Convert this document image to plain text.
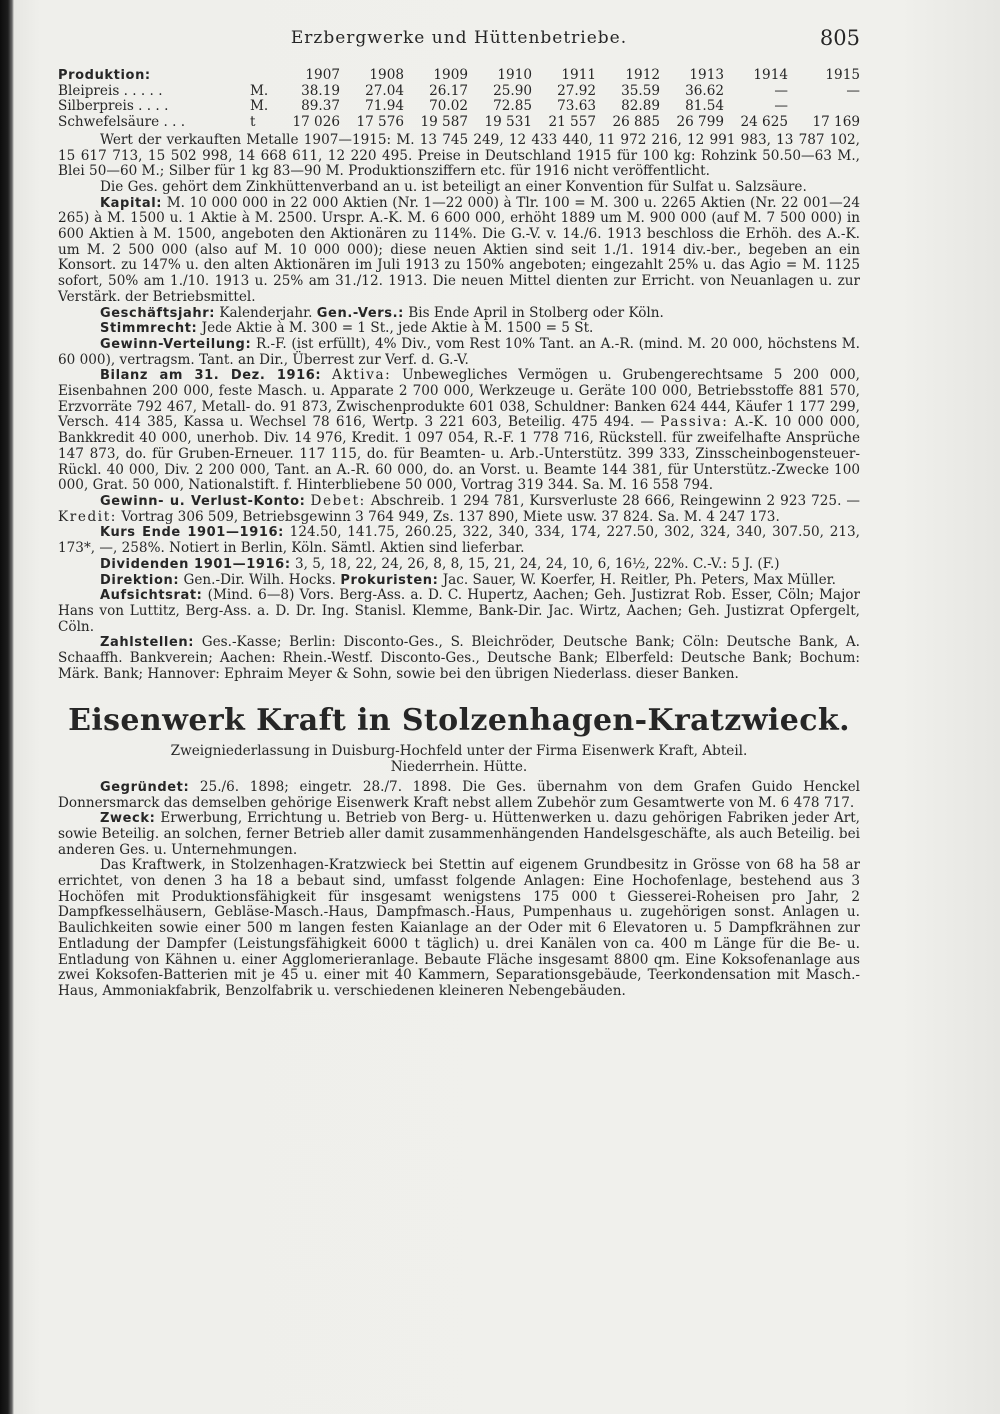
Erzbergwerke und Hüttenbetriebe.	805
Produktion:		1907	1908	1909	1910	1911	1912	1913	1914	1915
Bleipreis . . . . .	M.	38.19	27.04	26.17	25.90	27.92	35.59	36.62	—	—
Silberpreis . . . .	M.	89.37	71.94	70.02	72.85	73.63	82.89	81.54	—	
Schwefelsäure . . .	t	17 026	17 576	19 587	19 531	21 557	26 885	26 799	24 625	17 169

Wert der verkauften Metalle 1907—1915: M. 13 745 249, 12 433 440, 11 972 216, 12 991 983, 13 787 102, 15 617 713, 15 502 998, 14 668 611, 12 220 495. Preise in Deutschland 1915 für 100 kg: Rohzink 50.50—63 M., Blei 50—60 M.; Silber für 1 kg 83—90 M. Produktionsziffern etc. für 1916 nicht veröffentlicht.

Die Ges. gehört dem Zinkhüttenverband an u. ist beteiligt an einer Konvention für Sulfat u. Salzsäure.

Kapital: M. 10 000 000 in 22 000 Aktien (Nr. 1—22 000) à Tlr. 100 = M. 300 u. 2265 Aktien (Nr. 22 001—24 265) à M. 1500 u. 1 Aktie à M. 2500. Urspr. A.-K. M. 6 600 000, erhöht 1889 um M. 900 000 (auf M. 7 500 000) in 600 Aktien à M. 1500, angeboten den Aktionären zu 114%. Die G.-V. v. 14./6. 1913 beschloss die Erhöh. des A.-K. um M. 2 500 000 (also auf M. 10 000 000); diese neuen Aktien sind seit 1./1. 1914 div.-ber., begeben an ein Konsort. zu 147% u. den alten Aktionären im Juli 1913 zu 150% angeboten; eingezahlt 25% u. das Agio = M. 1125 sofort, 50% am 1./10. 1913 u. 25% am 31./12. 1913. Die neuen Mittel dienten zur Erricht. von Neuanlagen u. zur Verstärk. der Betriebsmittel.

Geschäftsjahr: Kalenderjahr. Gen.-Vers.: Bis Ende April in Stolberg oder Köln.

Stimmrecht: Jede Aktie à M. 300 = 1 St., jede Aktie à M. 1500 = 5 St.

Gewinn-Verteilung: R.-F. (ist erfüllt), 4% Div., vom Rest 10% Tant. an A.-R. (mind. M. 20 000, höchstens M. 60 000), vertragsm. Tant. an Dir., Überrest zur Verf. d. G.-V.

Bilanz am 31. Dez. 1916: Aktiva: Unbewegliches Vermögen u. Grubengerechtsame 5 200 000, Eisenbahnen 200 000, feste Masch. u. Apparate 2 700 000, Werkzeuge u. Geräte 100 000, Betriebsstoffe 881 570, Erzvorräte 792 467, Metall- do. 91 873, Zwischenprodukte 601 038, Schuldner: Banken 624 444, Käufer 1 177 299, Versch. 414 385, Kassa u. Wechsel 78 616, Wertp. 3 221 603, Beteilig. 475 494. — Passiva: A.-K. 10 000 000, Bankkredit 40 000, unerhob. Div. 14 976, Kredit. 1 097 054, R.-F. 1 778 716, Rückstell. für zweifelhafte Ansprüche 147 873, do. für Gruben-Erneuer. 117 115, do. für Beamten- u. Arb.-Unterstütz. 399 333, Zinsscheinbogensteuer-Rückl. 40 000, Div. 2 200 000, Tant. an A.-R. 60 000, do. an Vorst. u. Beamte 144 381, für Unterstütz.-Zwecke 100 000, Grat. 50 000, Nationalstift. f. Hinterbliebene 50 000, Vortrag 319 344. Sa. M. 16 558 794.

Gewinn- u. Verlust-Konto: Debet: Abschreib. 1 294 781, Kursverluste 28 666, Reingewinn 2 923 725. — Kredit: Vortrag 306 509, Betriebsgewinn 3 764 949, Zs. 137 890, Miete usw. 37 824. Sa. M. 4 247 173.

Kurs Ende 1901—1916: 124.50, 141.75, 260.25, 322, 340, 334, 174, 227.50, 302, 324, 340, 307.50, 213, 173*, —, 258%. Notiert in Berlin, Köln. Sämtl. Aktien sind lieferbar.

Dividenden 1901—1916: 3, 5, 18, 22, 24, 26, 8, 8, 15, 21, 24, 24, 10, 6, 16½, 22%. C.-V.: 5 J. (F.)

Direktion: Gen.-Dir. Wilh. Hocks. Prokuristen: Jac. Sauer, W. Koerfer, H. Reitler, Ph. Peters, Max Müller.

Aufsichtsrat: (Mind. 6—8) Vors. Berg-Ass. a. D. C. Hupertz, Aachen; Geh. Justizrat Rob. Esser, Cöln; Major Hans von Luttitz, Berg-Ass. a. D. Dr. Ing. Stanisl. Klemme, Bank-Dir. Jac. Wirtz, Aachen; Geh. Justizrat Opfergelt, Cöln.

Zahlstellen: Ges.-Kasse; Berlin: Disconto-Ges., S. Bleichröder, Deutsche Bank; Cöln: Deutsche Bank, A. Schaaffh. Bankverein; Aachen: Rhein.-Westf. Disconto-Ges., Deutsche Bank; Elberfeld: Deutsche Bank; Bochum: Märk. Bank; Hannover: Ephraim Meyer & Sohn, sowie bei den übrigen Niederlass. dieser Banken.

Eisenwerk Kraft in Stolzenhagen-Kratzwieck.

Zweigniederlassung in Duisburg-Hochfeld unter der Firma Eisenwerk Kraft, Abteil. Niederrhein. Hütte.

Gegründet: 25./6. 1898; eingetr. 28./7. 1898. Die Ges. übernahm von dem Grafen Guido Henckel Donnersmarck das demselben gehörige Eisenwerk Kraft nebst allem Zubehör zum Gesamtwerte von M. 6 478 717.

Zweck: Erwerbung, Errichtung u. Betrieb von Berg- u. Hüttenwerken u. dazu gehörigen Fabriken jeder Art, sowie Beteilig. an solchen, ferner Betrieb aller damit zusammenhängenden Handelsgeschäfte, als auch Beteilig. bei anderen Ges. u. Unternehmungen.

Das Kraftwerk, in Stolzenhagen-Kratzwieck bei Stettin auf eigenem Grundbesitz in Grösse von 68 ha 58 ar errichtet, von denen 3 ha 18 a bebaut sind, umfasst folgende Anlagen: Eine Hochofenlage, bestehend aus 3 Hochöfen mit Produktionsfähigkeit für insgesamt wenigstens 175 000 t Giesserei-Roheisen pro Jahr, 2 Dampfkesselhäusern, Gebläse-Masch.-Haus, Dampfmasch.-Haus, Pumpenhaus u. zugehörigen sonst. Anlagen u. Baulichkeiten sowie einer 500 m langen festen Kaianlage an der Oder mit 6 Elevatoren u. 5 Dampfkrähnen zur Entladung der Dampfer (Leistungsfähigkeit 6000 t täglich) u. drei Kanälen von ca. 400 m Länge für die Be- u. Entladung von Kähnen u. einer Agglomerieranlage. Bebaute Fläche insgesamt 8800 qm. Eine Koksofenanlage aus zwei Koksofen-Batterien mit je 45 u. einer mit 40 Kammern, Separationsgebäude, Teerkondensation mit Masch.-Haus, Ammoniakfabrik, Benzolfabrik u. verschiedenen kleineren Nebengebäuden.
